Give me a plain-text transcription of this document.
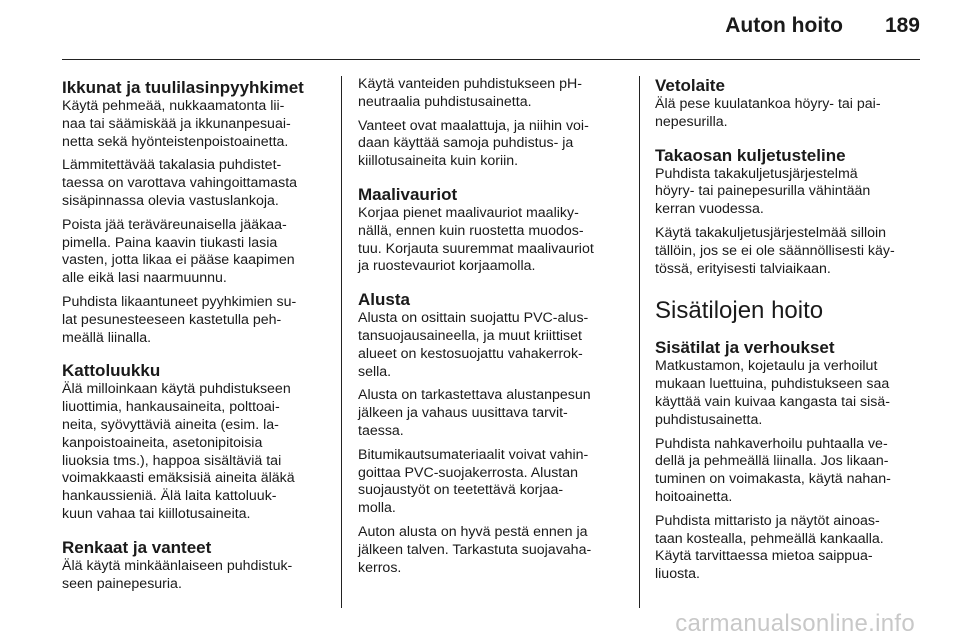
Auton hoito 189
Ikkunat ja tuulilasinpyyhkimet

Käytä pehmeää, nukkaamatonta lii-
naa tai säämiskää ja ikkunanpesuai-
netta sekä hyönteistenpoistoainetta.

Lämmitettävää takalasia puhdistet-
taessa on varottava vahingoittamasta
sisäpinnassa olevia vastuslankoja.

Poista jää teräväreunaisella jääkaa-
pimella. Paina kaavin tiukasti lasia
vasten, jotta likaa ei pääse kaapimen
alle eikä lasi naarmuunnu.

Puhdista likaantuneet pyyhkimien su-
lat pesunesteeseen kastetulla peh-
meällä liinalla.

Kattoluukku

Älä milloinkaan käytä puhdistukseen
liuottimia, hankausaineita, polttoai-
neita, syövyttäviä aineita (esim. la-
kanpoistoaineita, asetonipitoisia
liuoksia tms.), happoa sisältäviä tai
voimakkaasti emäksisiä aineita äläkä
hankaussieniä. Älä laita kattoluuk-
kuun vahaa tai kiillotusaineita.

Renkaat ja vanteet

Älä käytä minkäänlaiseen puhdistuk-
seen painepesuria.

Käytä vanteiden puhdistukseen pH-
neutraalia puhdistusainetta.

Vanteet ovat maalattuja, ja niihin voi-
daan käyttää samoja puhdistus- ja
kiillotusaineita kuin koriin.

Maalivauriot

Korjaa pienet maalivauriot maaliky-
nällä, ennen kuin ruostetta muodos-
tuu. Korjauta suuremmat maalivauriot
ja ruostevauriot korjaamolla.

Alusta

Alusta on osittain suojattu PVC-alus-
tansuojausaineella, ja muut kriittiset
alueet on kestosuojattu vahakerrok-
sella.

Alusta on tarkastettava alustanpesun
jälkeen ja vahaus uusittava tarvit-
taessa.

Bitumikautsumateriaalit voivat vahin-
goittaa PVC-suojakerrosta. Alustan
suojaustyöt on teetettävä korjaa-
molla.

Auton alusta on hyvä pestä ennen ja
jälkeen talven. Tarkastuta suojavaha-
kerros.

Vetolaite

Älä pese kuulatankoa höyry- tai pai-
nepesurilla.

Takaosan kuljetusteline

Puhdista takakuljetusjärjestelmä
höyry- tai painepesurilla vähintään
kerran vuodessa.

Käytä takakuljetusjärjestelmää silloin
tällöin, jos se ei ole säännöllisesti käy-
tössä, erityisesti talviaikaan.

Sisätilojen hoito
Sisätilat ja verhoukset

Matkustamon, kojetaulu ja verhoilut
mukaan luettuina, puhdistukseen saa
käyttää vain kuivaa kangasta tai sisä-
puhdistusainetta.

Puhdista nahkaverhoilu puhtaalla ve-
dellä ja pehmeällä liinalla. Jos likaan-
tuminen on voimakasta, käytä nahan-
hoitoainetta.

Puhdista mittaristo ja näytöt ainoas-
taan kostealla, pehmeällä kankaalla.
Käytä tarvittaessa mietoa saippua-
liuosta.

carmanualsonline.info
